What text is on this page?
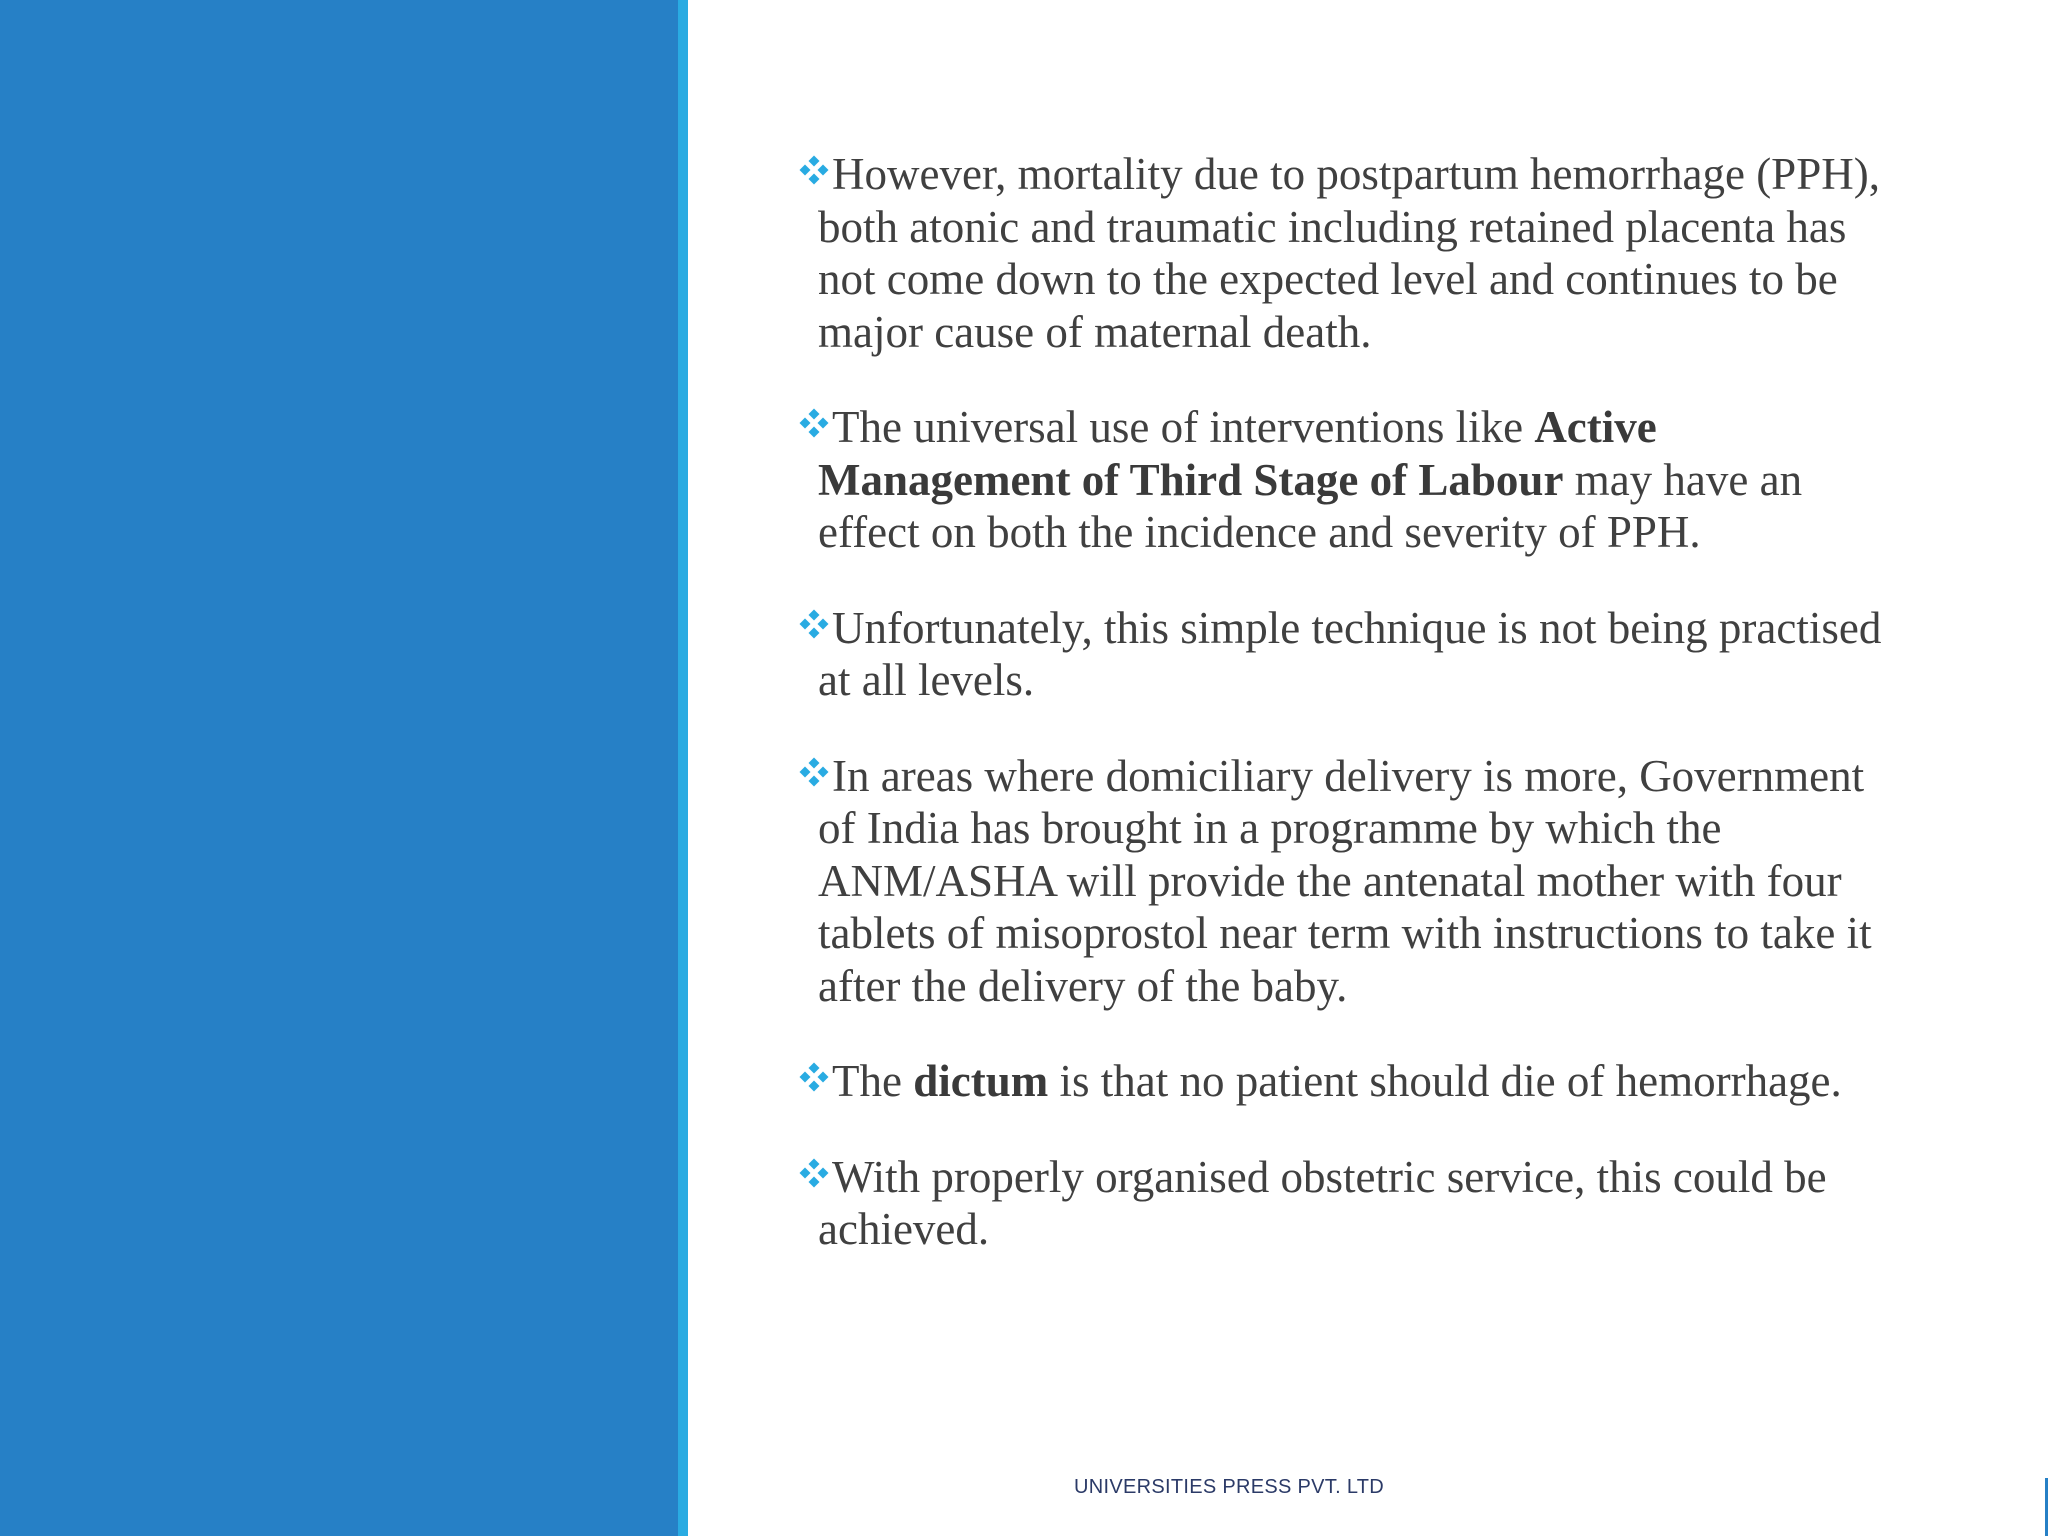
However, mortality due to postpartum hemorrhage (PPH), both atonic and traumatic including retained placenta has not come down to the expected level and continues to be major cause of maternal death.
The universal use of interventions like Active Management of Third Stage of Labour may have an effect on both the incidence and severity of PPH.
Unfortunately, this simple technique is not being practised at all levels.
In areas where domiciliary delivery is more, Government of India has brought in a programme by which the ANM/ASHA will provide the antenatal mother with four tablets of misoprostol near term with instructions to take it after the delivery of the baby.
The dictum is that no patient should die of hemorrhage.
With properly organised obstetric service, this could be achieved.
UNIVERSITIES PRESS PVT. LTD
